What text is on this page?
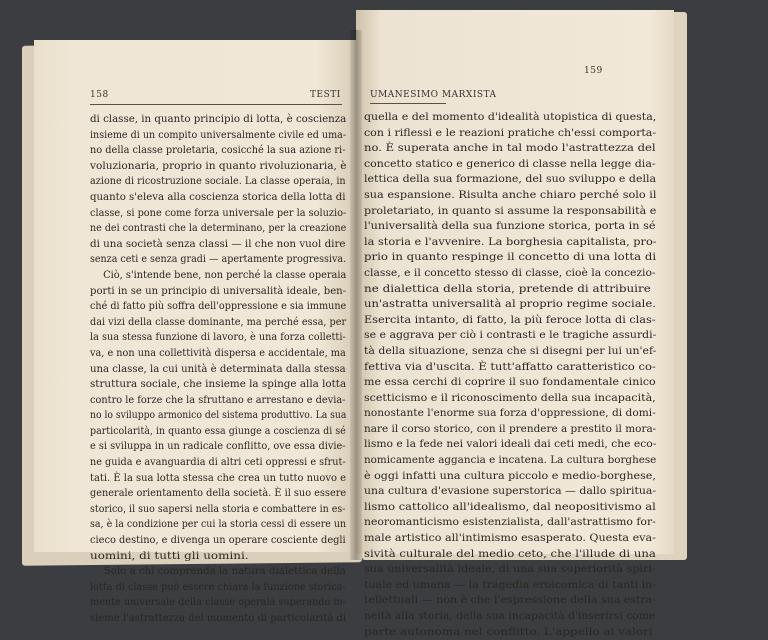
158	TESTI
di classe, in quanto principio di lotta, è coscienza
insieme di un compito universalmente civile ed uma-
no della classe proletaria, cosicché la sua azione ri-
voluzionaria, proprio in quanto rivoluzionaria, è
azione di ricostruzione sociale. La classe operaia, in
quanto s'eleva alla coscienza storica della lotta di
classe, si pone come forza universale per la soluzio-
ne dei contrasti che la determinano, per la creazione
di una società senza classi — il che non vuol dire
senza ceti e senza gradi — apertamente progressiva.
Ciò, s'intende bene, non perché la classe operaia
porti in se un principio di universalità ideale, ben-
ché di fatto più soffra dell'oppressione e sia immune
dai vizi della classe dominante, ma perché essa, per
la sua stessa funzione di lavoro, è una forza colletti-
va, e non una collettività dispersa e accidentale, ma
una classe, la cui unità è determinata dalla stessa
struttura sociale, che insieme la spinge alla lotta
contro le forze che la sfruttano e arrestano e devia-
no lo sviluppo armonico del sistema produttivo. La sua
particolarità, in quanto essa giunge a coscienza di sé
e si sviluppa in un radicale conflitto, ove essa divie-
ne guida e avanguardia di altri ceti oppressi e sfrut-
tati. È la sua lotta stessa che crea un tutto nuovo e
generale orientamento della società. È il suo essere
storico, il suo sapersi nella storia e combattere in es-
sa, è la condizione per cui la storia cessi di essere un
cieco destino, e divenga un operare cosciente degli
uomini, di tutti gli uomini.
Solo a chi comprenda la natura dialettica della
lotta di classe può essere chiara la funzione storica-
mente universale della classe operaia superando in-
sieme l'astrattezza del momento di particolarità di
159
UMANESIMO MARXISTA
quella e del momento d'idealità utopistica di questa,
con i riflessi e le reazioni pratiche ch'essi comporta-
no. È superata anche in tal modo l'astrattezza del
concetto statico e generico di classe nella legge dia-
lettica della sua formazione, del suo sviluppo e della
sua espansione. Risulta anche chiaro perché solo il
proletariato, in quanto si assume la responsabilità e
l'universalità della sua funzione storica, porta in sé
la storia e l'avvenire. La borghesia capitalista, pro-
prio in quanto respinge il concetto di una lotta di
classe, e il concetto stesso di classe, cioè la concezio-
ne dialettica della storia, pretende di attribuire
un'astratta universalità al proprio regime sociale.
Esercita intanto, di fatto, la più feroce lotta di clas-
se e aggrava per ciò i contrasti e le tragiche assurdi-
tà della situazione, senza che si disegni per lui un'ef-
fettiva via d'uscita. È tutt'affatto caratteristico co-
me essa cerchi di coprire il suo fondamentale cinico
scetticismo e il riconoscimento della sua incapacità,
nonostante l'enorme sua forza d'oppressione, di domi-
nare il corso storico, con il prendere a prestito il mora-
lismo e la fede nei valori ideali dai ceti medi, che eco-
nomicamente aggancia e incatena. La cultura borghese
è oggi infatti una cultura piccolo e medio-borghese,
una cultura d'evasione superstoricа — dallo spiritua-
lismo cattolico all'idealismo, dal neopositivismo al
neoromanticismo esistenzialista, dall'astrattismo for-
male artistico all'intimismo esasperato. Questa eva-
sività culturale del medio ceto, che l'illude di una
sua universalità ideale, di una sua superiorità spiri-
tuale ed umana — la tragedia eroicomica di tanti in-
tellettuali — non è che l'espressione della sua estra-
neità alla storia, della sua incapacità d'inserirsi come
parte autonoma nel conflitto. L'appello ai valori
